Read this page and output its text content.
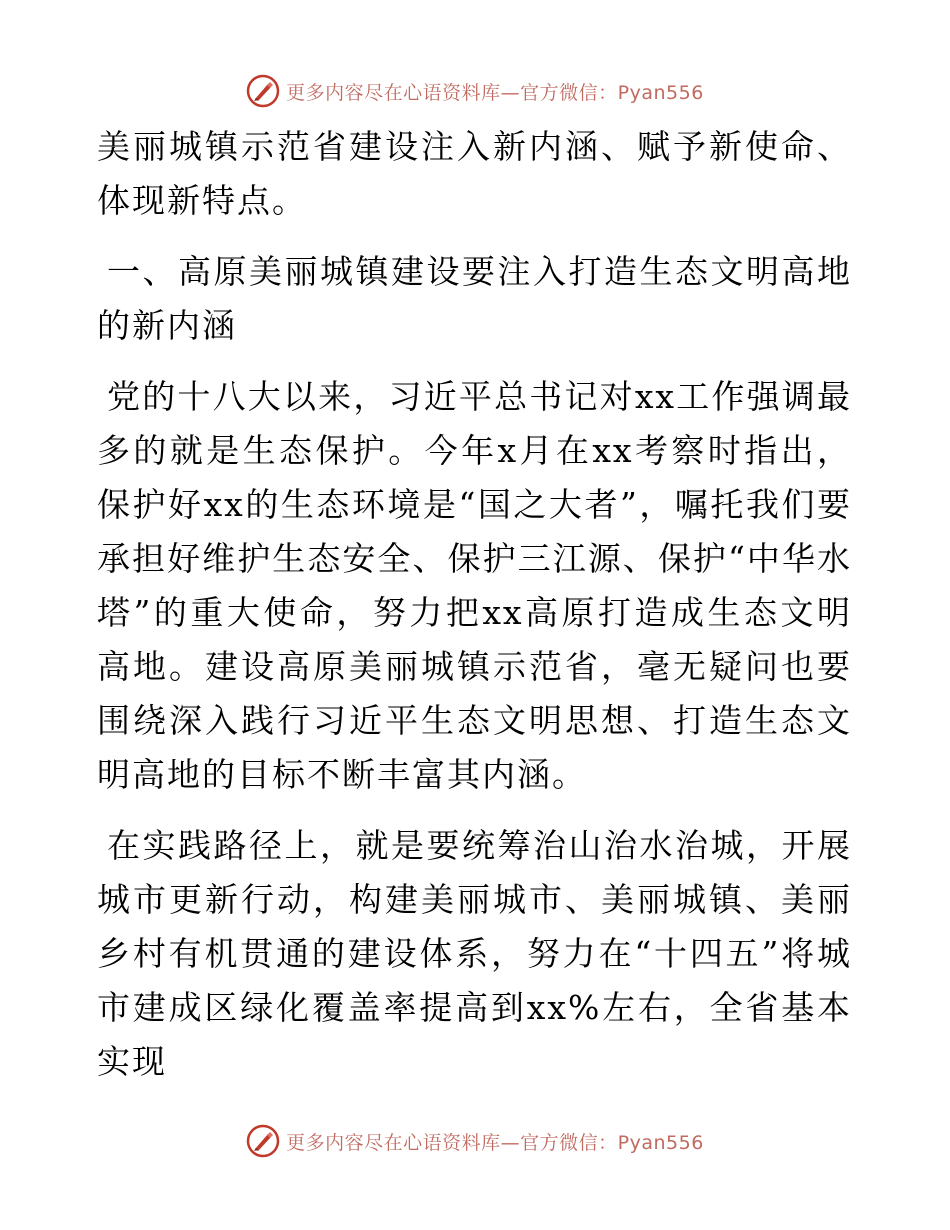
更多内容尽在心语资料库—官方微信：Pyan556

美丽城镇示范省建设注入新内涵、赋予新使命、体现新特点。

一、高原美丽城镇建设要注入打造生态文明高地的新内涵

党的十八大以来，习近平总书记对xx工作强调最多的就是生态保护。今年x月在xx考察时指出，保护好xx的生态环境是“国之大者”，嘱托我们要承担好维护生态安全、保护三江源、保护“中华水塔”的重大使命，努力把xx高原打造成生态文明高地。建设高原美丽城镇示范省，毫无疑问也要围绕深入践行习近平生态文明思想、打造生态文明高地的目标不断丰富其内涵。

在实践路径上，就是要统筹治山治水治城，开展城市更新行动，构建美丽城市、美丽城镇、美丽乡村有机贯通的建设体系，努力在“十四五”将城市建成区绿化覆盖率提高到xx%左右，全省基本实现

更多内容尽在心语资料库—官方微信：Pyan556
